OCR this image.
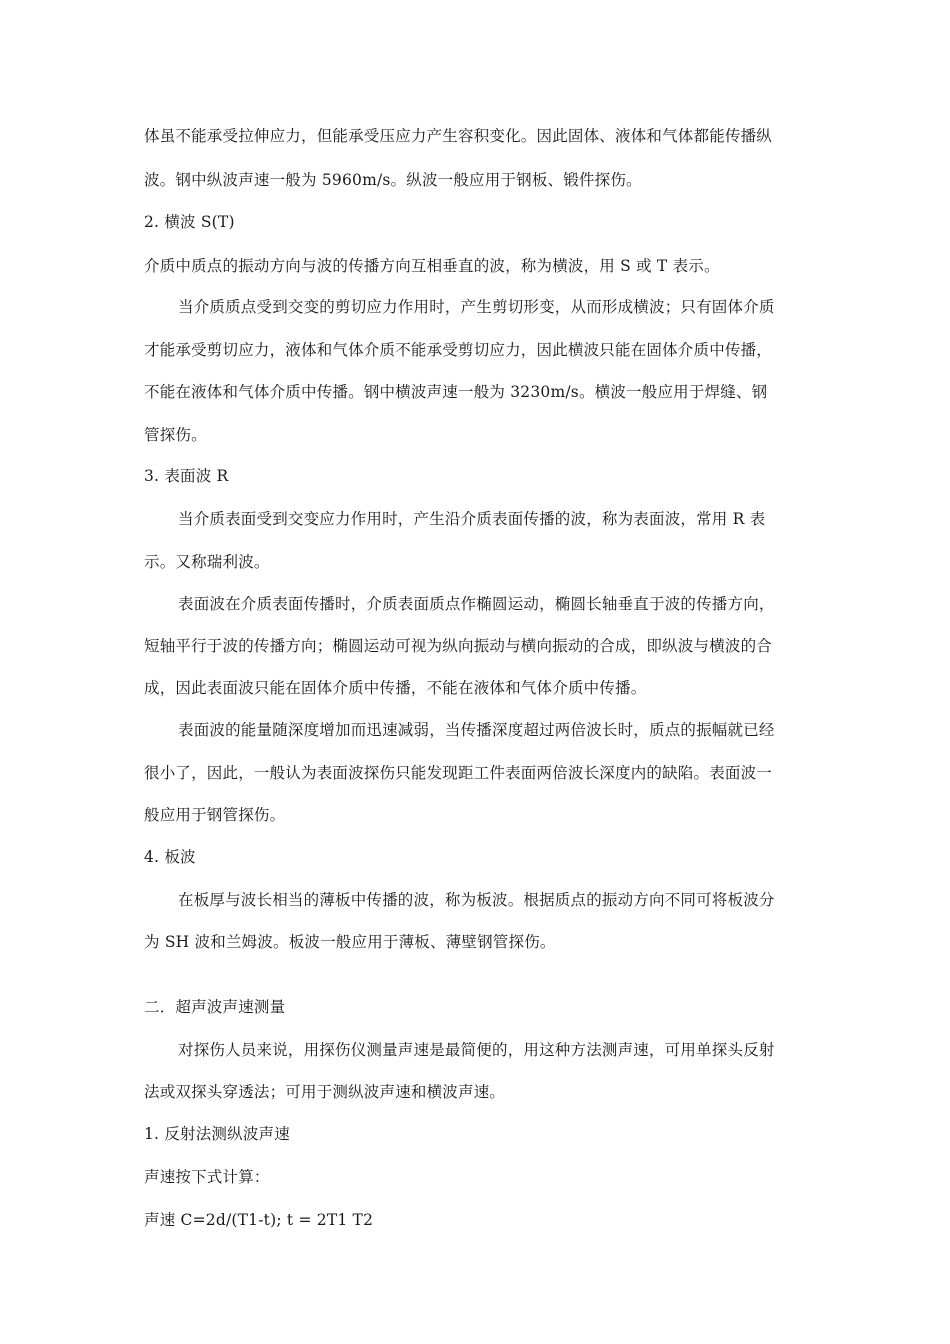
体虽不能承受拉伸应力，但能承受压应力产生容积变化。因此固体、液体和气体都能传播纵
波。钢中纵波声速一般为 5960m/s。纵波一般应用于钢板、锻件探伤。
2. 横波 S(T)
介质中质点的振动方向与波的传播方向互相垂直的波，称为横波，用 S 或 T 表示。
当介质质点受到交变的剪切应力作用时，产生剪切形变，从而形成横波；只有固体介质
才能承受剪切应力，液体和气体介质不能承受剪切应力，因此横波只能在固体介质中传播，
不能在液体和气体介质中传播。钢中横波声速一般为 3230m/s。横波一般应用于焊缝、钢
管探伤。
3. 表面波 R
当介质表面受到交变应力作用时，产生沿介质表面传播的波，称为表面波，常用 R 表
示。又称瑞利波。
表面波在介质表面传播时，介质表面质点作椭圆运动，椭圆长轴垂直于波的传播方向，
短轴平行于波的传播方向；椭圆运动可视为纵向振动与横向振动的合成，即纵波与横波的合
成，因此表面波只能在固体介质中传播，不能在液体和气体介质中传播。
表面波的能量随深度增加而迅速减弱，当传播深度超过两倍波长时，质点的振幅就已经
很小了，因此，一般认为表面波探伤只能发现距工件表面两倍波长深度内的缺陷。表面波一
般应用于钢管探伤。
4. 板波
在板厚与波长相当的薄板中传播的波，称为板波。根据质点的振动方向不同可将板波分
为 SH 波和兰姆波。板波一般应用于薄板、薄壁钢管探伤。
二．超声波声速测量
对探伤人员来说，用探伤仪测量声速是最简便的，用这种方法测声速，可用单探头反射
法或双探头穿透法；可用于测纵波声速和横波声速。
1. 反射法测纵波声速
声速按下式计算：
声速 C=2d/(T1-t); t = 2T1 T2
